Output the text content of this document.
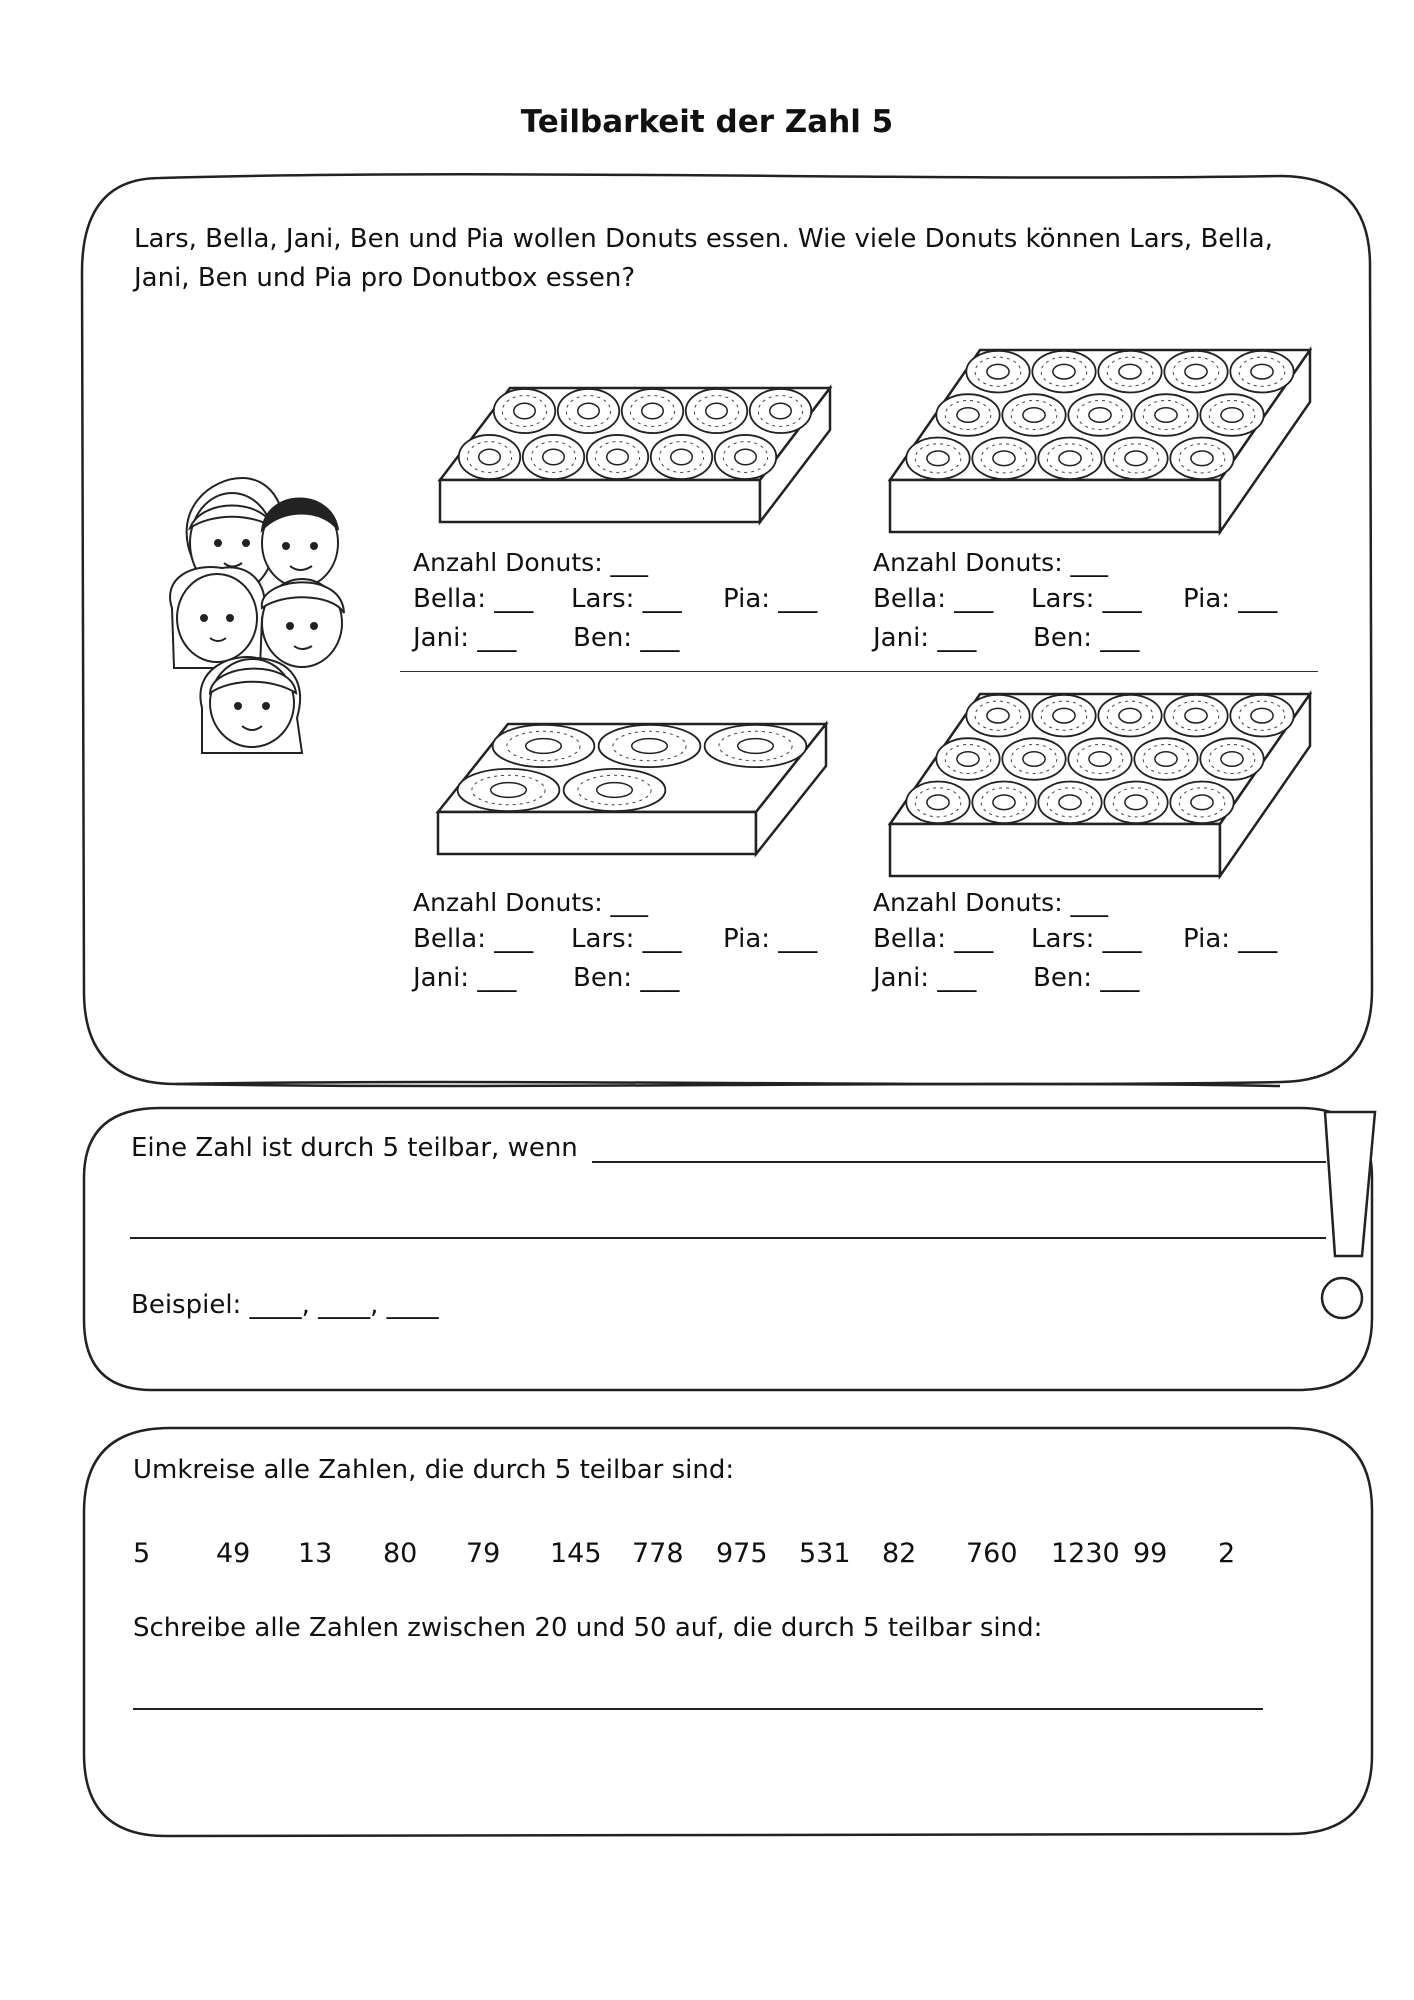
Teilbarkeit der Zahl 5
Lars, Bella, Jani, Ben und Pia wollen Donuts essen. Wie viele Donuts können Lars, Bella,
Jani, Ben und Pia pro Donutbox essen?
Anzahl Donuts: ___
Bella: ___ Lars: ___ Pia: ___
Jani: ___ Ben: ___
Anzahl Donuts: ___
Bella: ___ Lars: ___ Pia: ___
Jani: ___ Ben: ___
Anzahl Donuts: ___
Bella: ___ Lars: ___ Pia: ___
Jani: ___ Ben: ___
Anzahl Donuts: ___
Bella: ___ Lars: ___ Pia: ___
Jani: ___ Ben: ___
Eine Zahl ist durch 5 teilbar, wenn
Beispiel: ____, ____, ____
Umkreise alle Zahlen, die durch 5 teilbar sind:
5 49 13 80 79 145 778 975 531 82 760 1230 99 2
Schreibe alle Zahlen zwischen 20 und 50 auf, die durch 5 teilbar sind:
